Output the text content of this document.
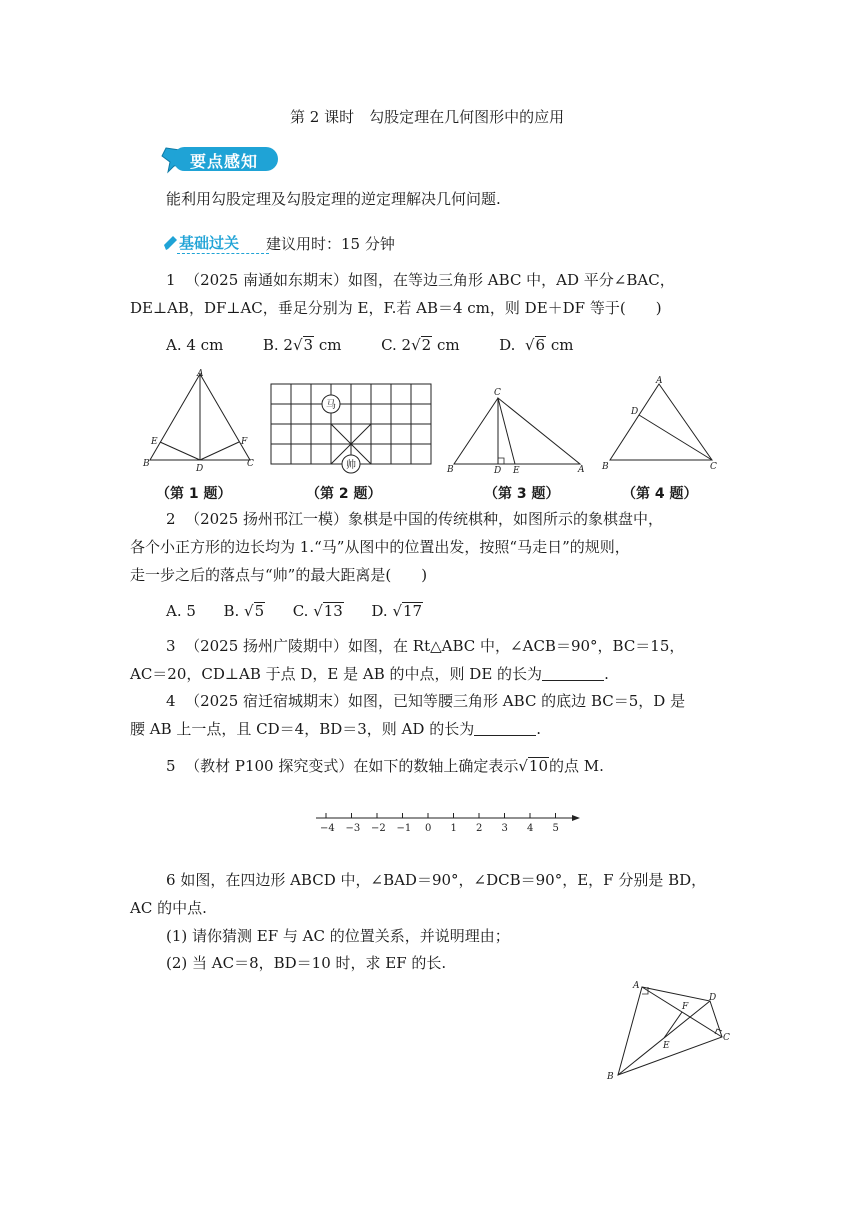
第 2 课时　勾股定理在几何图形中的应用
要点感知
能利用勾股定理及勾股定理的逆定理解决几何问题.
基础过关 建议用时：15 分钟
1 （2025 南通如东期末）如图，在等边三角形 ABC 中，AD 平分∠BAC，
DE⊥AB，DF⊥AC，垂足分别为 E，F.若 AB＝4 cm，则 DE＋DF 等于(　　)
A. 4 cm	B. 2√3 cm	C. 2√2 cm	D. √6 cm
A
B	C
D
E	F
马
帅
C
B	D E	A
A
D
B	C
（第 1 题）	（第 2 题）	（第 3 题）	（第 4 题）
2 （2025 扬州邗江一模）象棋是中国的传统棋种，如图所示的象棋盘中，
各个小正方形的边长均为 1.“马”从图中的位置出发，按照“马走日”的规则，
走一步之后的落点与“帅”的最大距离是(　　)
A. 5 B. √5 C. √13 D. √17
3 （2025 扬州广陵期中）如图，在 Rt△ABC 中，∠ACB＝90°，BC＝15，
AC＝20，CD⊥AB 于点 D，E 是 AB 的中点，则 DE 的长为	.
4 （2025 宿迁宿城期末）如图，已知等腰三角形 ABC 的底边 BC＝5，D 是
腰 AB 上一点，且 CD＝4，BD＝3，则 AD 的长为	.
5 （教材 P100 探究变式）在如下的数轴上确定表示√10的点 M.
−4 −3 −2 −1 0 1 2 3 4 5
6 如图，在四边形 ABCD 中，∠BAD＝90°，∠DCB＝90°，E，F 分别是 BD，
AC 的中点.
(1) 请你猜测 EF 与 AC 的位置关系，并说明理由；
(2) 当 AC＝8，BD＝10 时，求 EF 的长.
A
B
C
D
E
F
